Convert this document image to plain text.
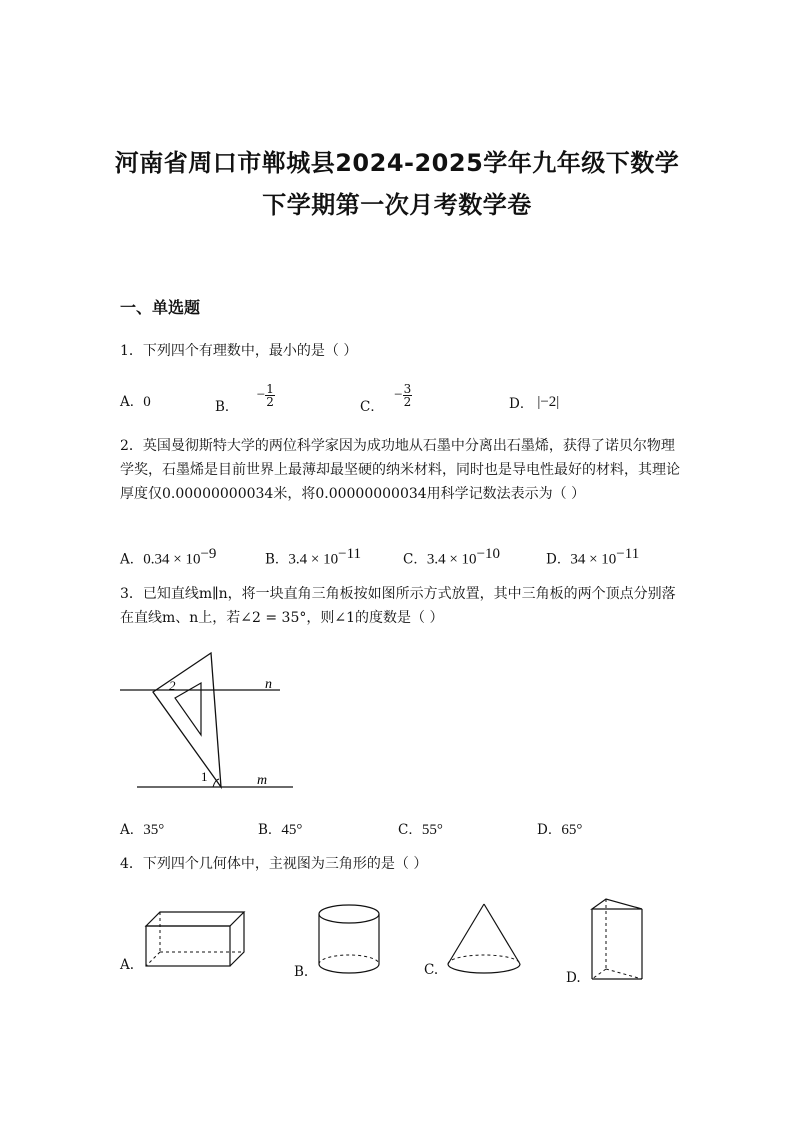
河南省周口市郸城县2024-2025学年九年级下数学
下学期第一次月考数学卷
一、单选题
1．下列四个有理数中，最小的是（ ）
A．0	B． − $\frac{1}{2}$	C． − $\frac{3}{2}$	D． |−2|
2．英国曼彻斯特大学的两位科学家因为成功地从石墨中分离出石墨烯，获得了诺贝尔物理学奖，石墨烯是目前世界上最薄却最坚硬的纳米材料，同时也是导电性最好的材料，其理论厚度仅0.00000000034米，将0.00000000034用科学记数法表示为（ ）
A．$0.34 \times 10^{-9}$	B．$3.4 \times 10^{-11}$	C．$3.4 \times 10^{-10}$	D．$34 \times 10^{-11}$
3．已知直线m∥n，将一块直角三角板按如图所示方式放置，其中三角板的两个顶点分别落在直线m、n上，若∠2 = 35°，则∠1的度数是（ ）
n
m
2
1
A．35°	B．45°	C．55°	D．65°
4．下列四个几何体中，主视图为三角形的是（ ）
A.	B.	C.	D.
